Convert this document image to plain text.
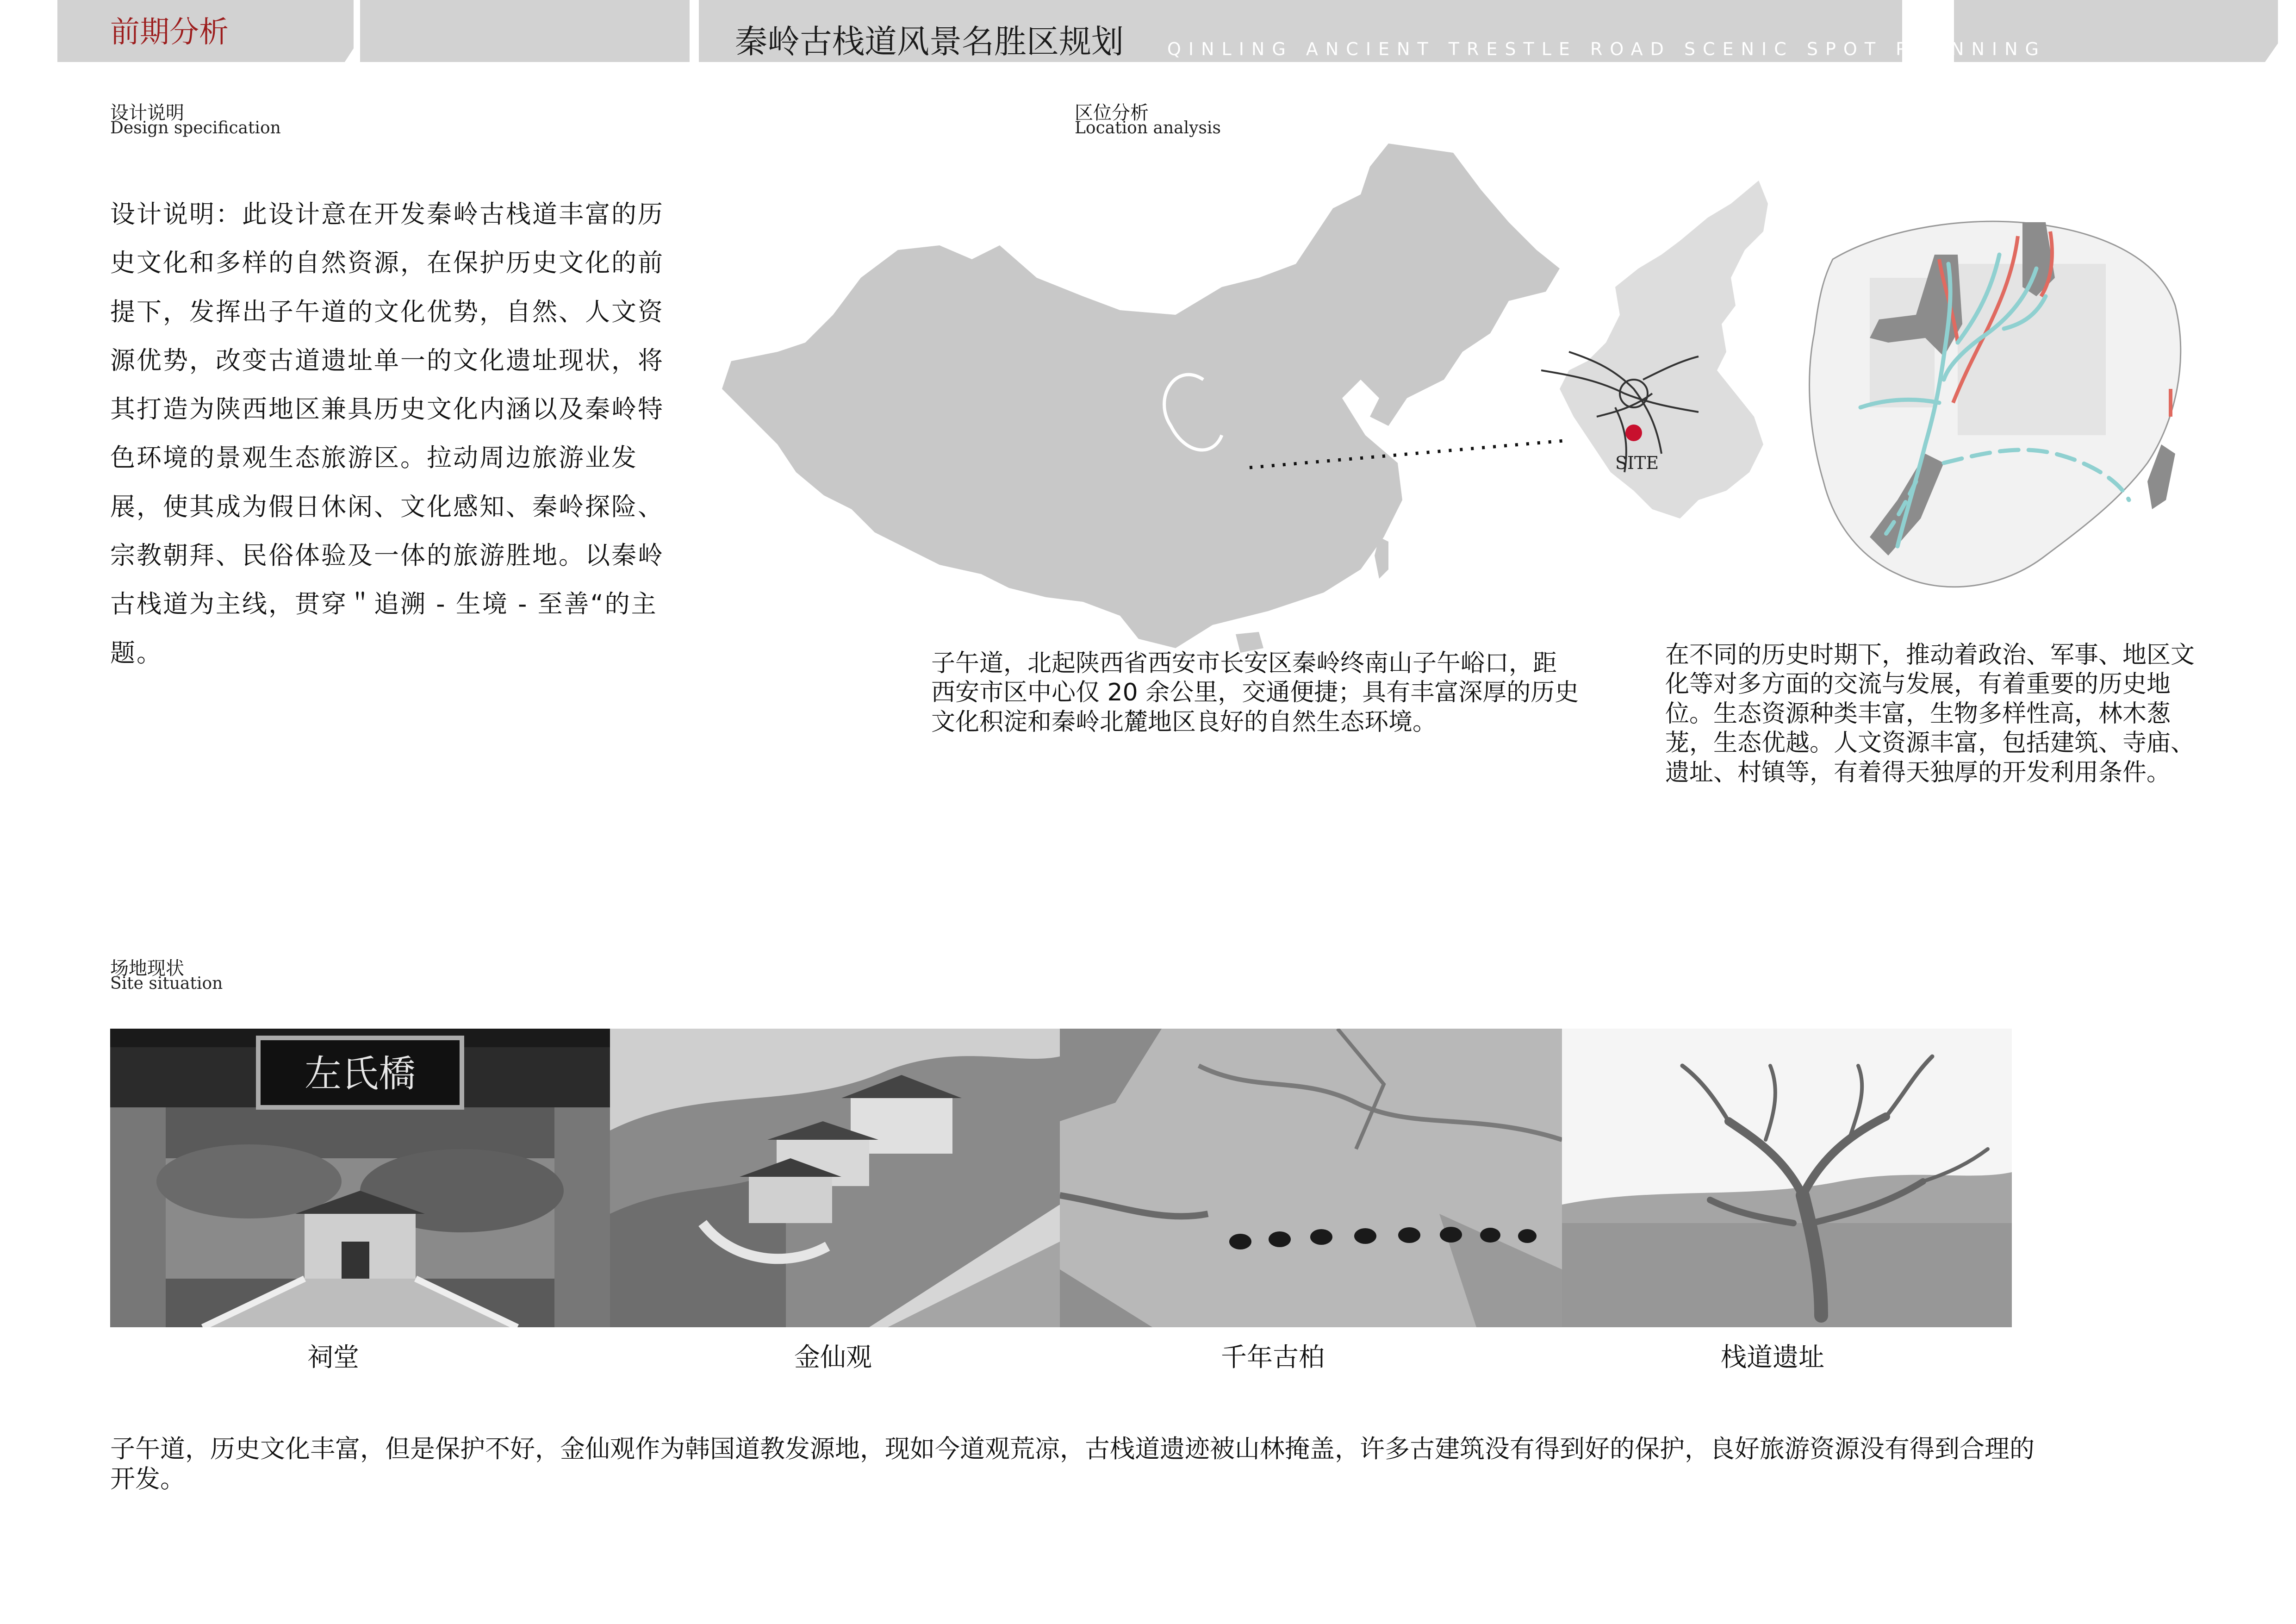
前期分析	秦岭古栈道风景名胜区规划 QINLING ANCIENT TRESTLE ROAD SCENIC SPOT PLANNING
设计说明
Design specification
设计说明：此设计意在开发秦岭古栈道丰富的历史文化和多样的自然资源，在保护历史文化的前提下，发挥出子午道的文化优势，自然、人文资源优势，改变古道遗址单一的文化遗址现状，将其打造为陕西地区兼具历史文化内涵以及秦岭特色环境的景观生态旅游区。拉动周边旅游业发展，使其成为假日休闲、文化感知、秦岭探险、宗教朝拜、民俗体验及一体的旅游胜地。以秦岭古栈道为主线，贯穿＂追溯 - 生境 - 至善“的主题。
区位分析
Location analysis
SITE
子午道，北起陕西省西安市长安区秦岭终南山子午峪口，距西安市区中心仅 20 余公里，交通便捷；具有丰富深厚的历史文化积淀和秦岭北麓地区良好的自然生态环境。
在不同的历史时期下，推动着政治、军事、地区文化等对多方面的交流与发展，有着重要的历史地位。生态资源种类丰富，生物多样性高，林木葱茏，生态优越。人文资源丰富，包括建筑、寺庙、遗址、村镇等，有着得天独厚的开发利用条件。
场地现状
Site situation
左氏橋
祠堂	金仙观	千年古柏	栈道遗址
子午道，历史文化丰富，但是保护不好，金仙观作为韩国道教发源地，现如今道观荒凉，古栈道遗迹被山林掩盖，许多古建筑没有得到好的保护，良好旅游资源没有得到合理的开发。
